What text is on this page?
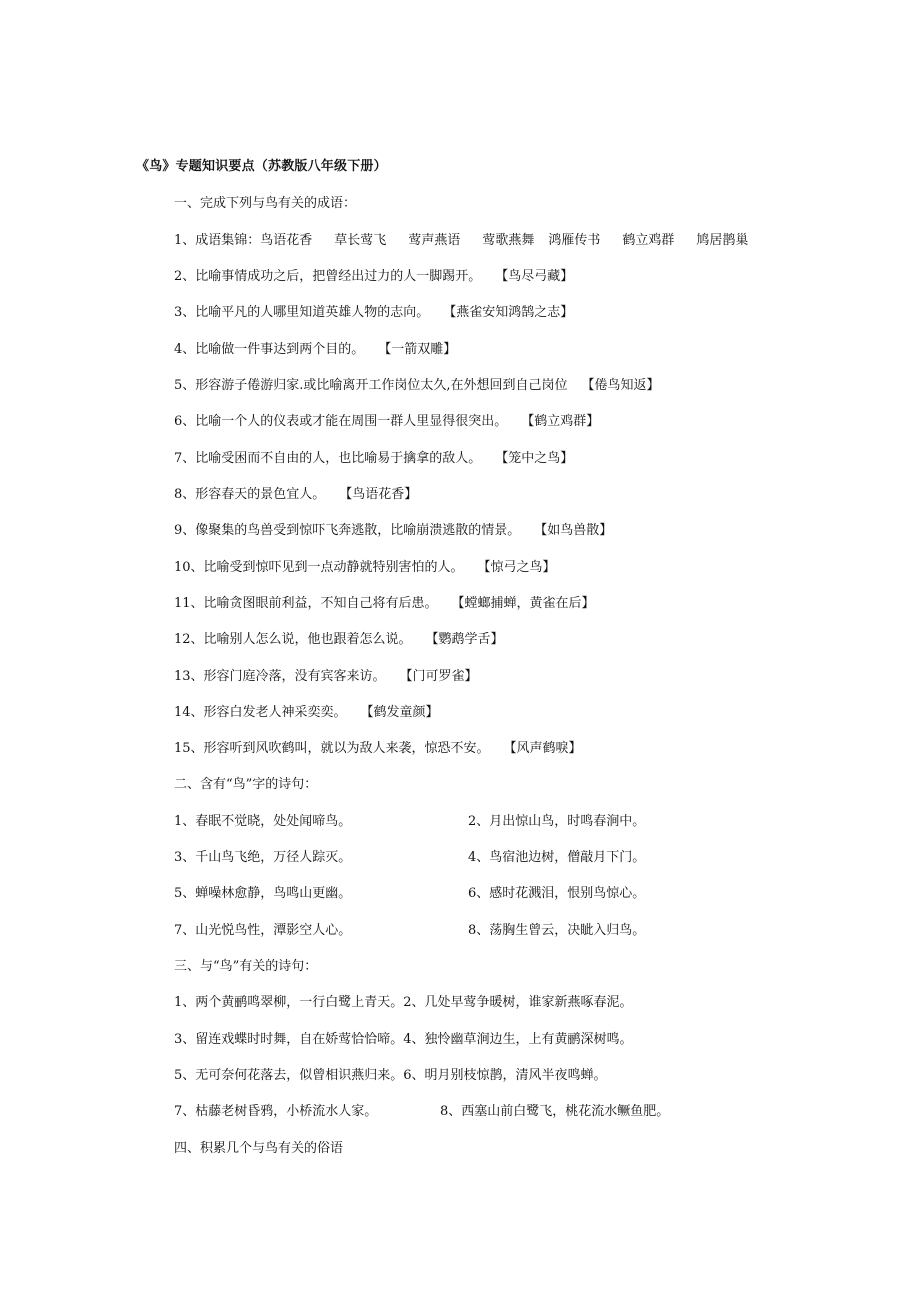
《鸟》专题知识要点（苏教版八年级下册）
一、完成下列与鸟有关的成语：
1、成语集锦：鸟语花香 草长莺飞 莺声燕语 莺歌燕舞 鸿雁传书 鹤立鸡群 鸠居鹊巢
2、比喻事情成功之后，把曾经出过力的人一脚踢开。 【鸟尽弓藏】
3、比喻平凡的人哪里知道英雄人物的志向。 【燕雀安知鸿鹄之志】
4、比喻做一件事达到两个目的。 【一箭双雕】
5、形容游子倦游归家.或比喻离开工作岗位太久,在外想回到自己岗位 【倦鸟知返】
6、比喻一个人的仪表或才能在周围一群人里显得很突出。 【鹤立鸡群】
7、比喻受困而不自由的人，也比喻易于擒拿的敌人。 【笼中之鸟】
8、形容春天的景色宜人。 【鸟语花香】
9、像聚集的鸟兽受到惊吓飞奔逃散，比喻崩溃逃散的情景。 【如鸟兽散】
10、比喻受到惊吓见到一点动静就特别害怕的人。 【惊弓之鸟】
11、比喻贪图眼前利益，不知自己将有后患。 【螳螂捕蝉，黄雀在后】
12、比喻别人怎么说，他也跟着怎么说。 【鹦鹉学舌】
13、形容门庭冷落，没有宾客来访。 【门可罗雀】
14、形容白发老人神采奕奕。 【鹤发童颜】
15、形容听到风吹鹤叫，就以为敌人来袭，惊恐不安。 【风声鹤唳】
二、含有“鸟”字的诗句：
1、春眠不觉晓，处处闻啼鸟。	2、月出惊山鸟，时鸣春涧中。
3、千山鸟飞绝，万径人踪灭。	4、鸟宿池边树，僧敲月下门。
5、蝉噪林愈静，鸟鸣山更幽。	6、感时花溅泪，恨别鸟惊心。
7、山光悦鸟性，潭影空人心。	8、荡胸生曾云，决眦入归鸟。
三、与“鸟”有关的诗句：
1、两个黄鹂鸣翠柳，一行白鹭上青天。2、几处早莺争暖树，谁家新燕啄春泥。
3、留连戏蝶时时舞，自在娇莺恰恰啼。4、独怜幽草涧边生，上有黄鹂深树鸣。
5、无可奈何花落去，似曾相识燕归来。6、明月别枝惊鹊，清风半夜鸣蝉。
7、枯藤老树昏鸦，小桥流水人家。	8、西塞山前白鹭飞，桃花流水鳜鱼肥。
四、积累几个与鸟有关的俗语
